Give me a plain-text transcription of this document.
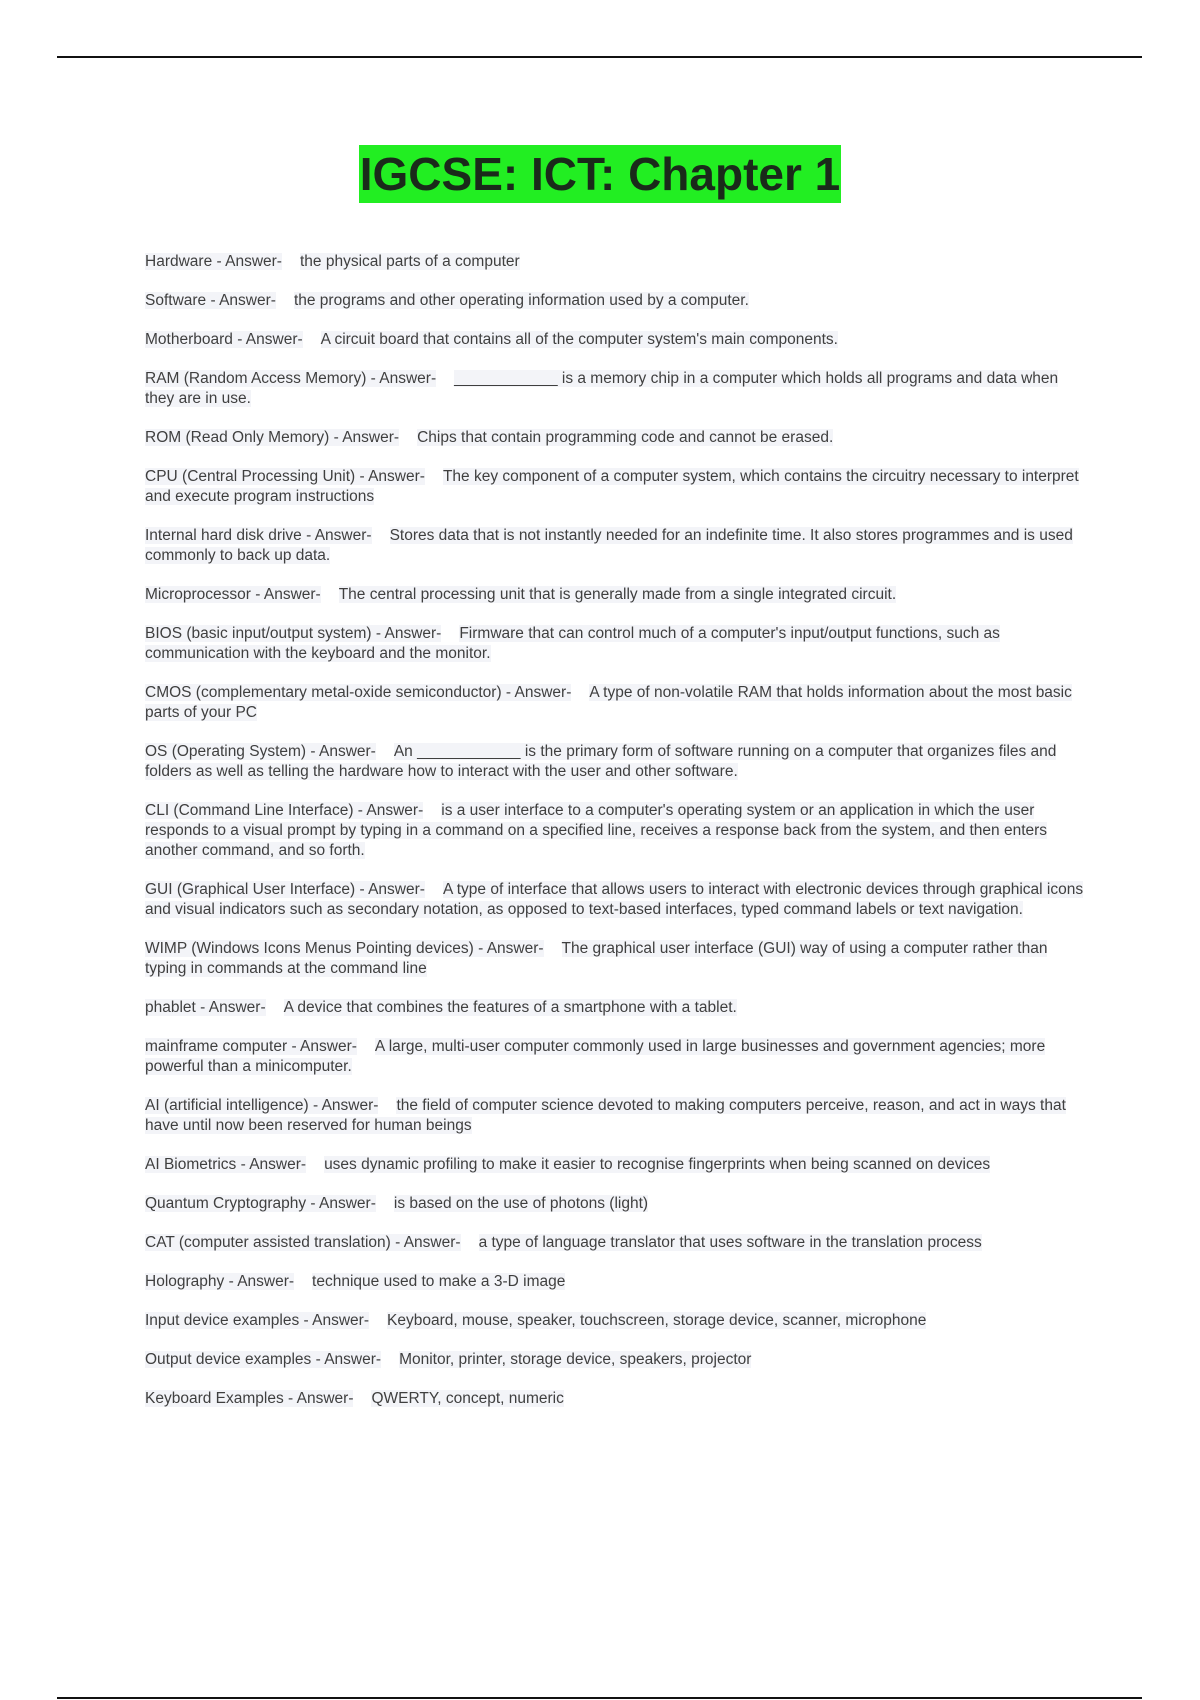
IGCSE: ICT: Chapter 1
Hardware - Answer- the physical parts of a computer
Software - Answer- the programs and other operating information used by a computer.
Motherboard - Answer- A circuit board that contains all of the computer system's main components.
RAM (Random Access Memory) - Answer- ____________ is a memory chip in a computer which holds all programs and data when they are in use.
ROM (Read Only Memory) - Answer- Chips that contain programming code and cannot be erased.
CPU (Central Processing Unit) - Answer- The key component of a computer system, which contains the circuitry necessary to interpret and execute program instructions
Internal hard disk drive - Answer- Stores data that is not instantly needed for an indefinite time. It also stores programmes and is used commonly to back up data.
Microprocessor - Answer- The central processing unit that is generally made from a single integrated circuit.
BIOS (basic input/output system) - Answer- Firmware that can control much of a computer's input/output functions, such as communication with the keyboard and the monitor.
CMOS (complementary metal-oxide semiconductor) - Answer- A type of non-volatile RAM that holds information about the most basic parts of your PC
OS (Operating System) - Answer- An ____________ is the primary form of software running on a computer that organizes files and folders as well as telling the hardware how to interact with the user and other software.
CLI (Command Line Interface) - Answer- is a user interface to a computer's operating system or an application in which the user responds to a visual prompt by typing in a command on a specified line, receives a response back from the system, and then enters another command, and so forth.
GUI (Graphical User Interface) - Answer- A type of interface that allows users to interact with electronic devices through graphical icons and visual indicators such as secondary notation, as opposed to text-based interfaces, typed command labels or text navigation.
WIMP (Windows Icons Menus Pointing devices) - Answer- The graphical user interface (GUI) way of using a computer rather than typing in commands at the command line
phablet - Answer- A device that combines the features of a smartphone with a tablet.
mainframe computer - Answer- A large, multi-user computer commonly used in large businesses and government agencies; more powerful than a minicomputer.
AI (artificial intelligence) - Answer- the field of computer science devoted to making computers perceive, reason, and act in ways that have until now been reserved for human beings
AI Biometrics - Answer- uses dynamic profiling to make it easier to recognise fingerprints when being scanned on devices
Quantum Cryptography - Answer- is based on the use of photons (light)
CAT (computer assisted translation) - Answer- a type of language translator that uses software in the translation process
Holography - Answer- technique used to make a 3-D image
Input device examples - Answer- Keyboard, mouse, speaker, touchscreen, storage device, scanner, microphone
Output device examples - Answer- Monitor, printer, storage device, speakers, projector
Keyboard Examples - Answer- QWERTY, concept, numeric
